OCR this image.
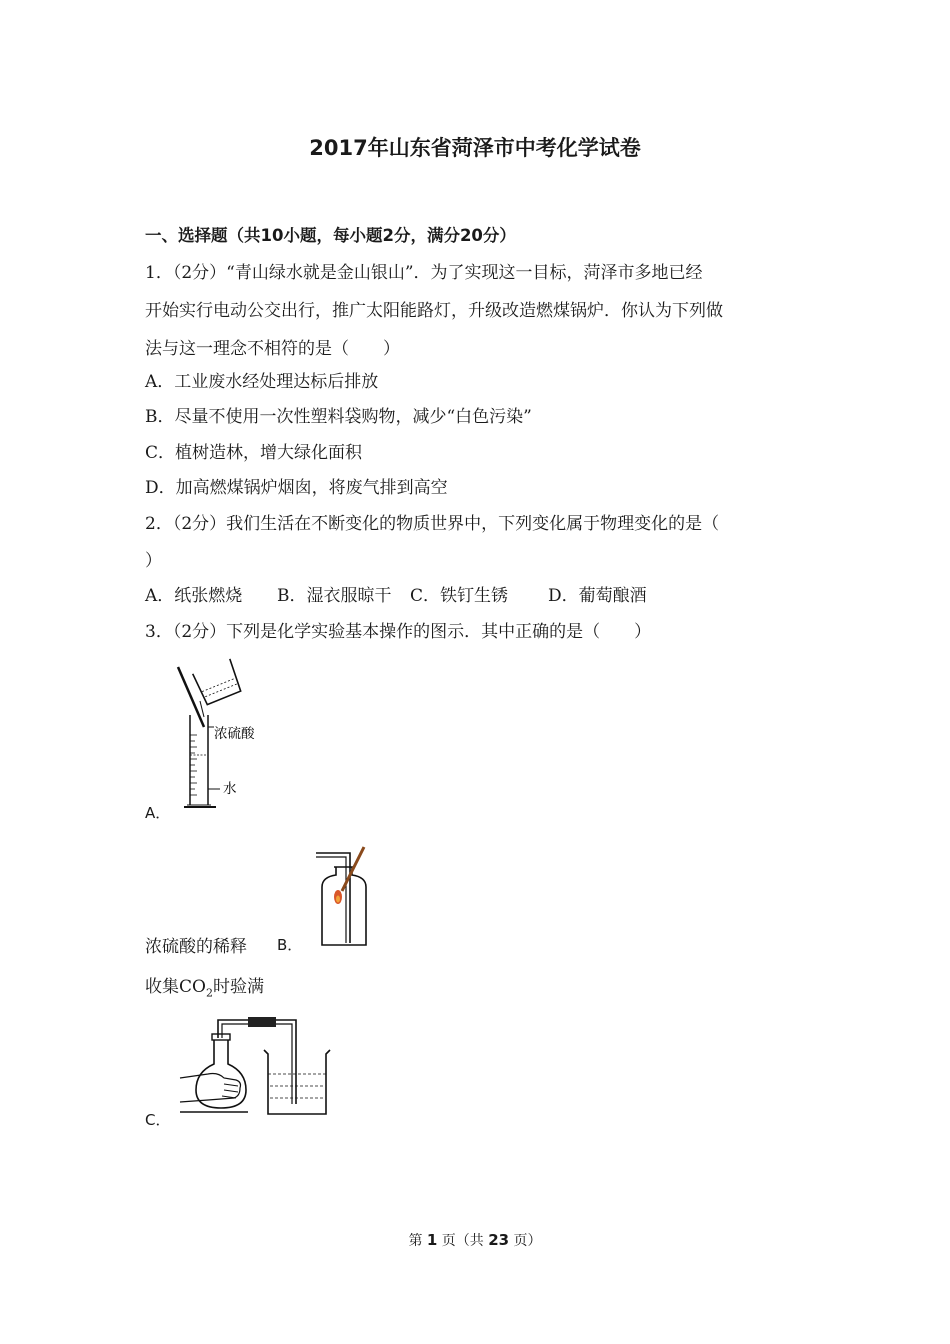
2017年山东省菏泽市中考化学试卷
一、选择题（共10小题，每小题2分，满分20分）
1．（2分）“青山绿水就是金山银山”．为了实现这一目标，菏泽市多地已经
开始实行电动公交出行，推广太阳能路灯，升级改造燃煤锅炉．你认为下列做
法与这一理念不相符的是（　　）
A．工业废水经处理达标后排放
B．尽量不使用一次性塑料袋购物，减少“白色污染”
C．植树造林，增大绿化面积
D．加高燃煤锅炉烟囱，将废气排到高空
2．（2分）我们生活在不断变化的物质世界中，下列变化属于物理变化的是（
）
A．纸张燃烧 B．湿衣服晾干 C．铁钉生锈 D．葡萄酿酒
3．（2分）下列是化学实验基本操作的图示．其中正确的是（　　）
浓硫酸
水
A．
浓硫酸的稀释 B．
收集$CO_2$时验满
C．
第 1 页（共 23 页）
